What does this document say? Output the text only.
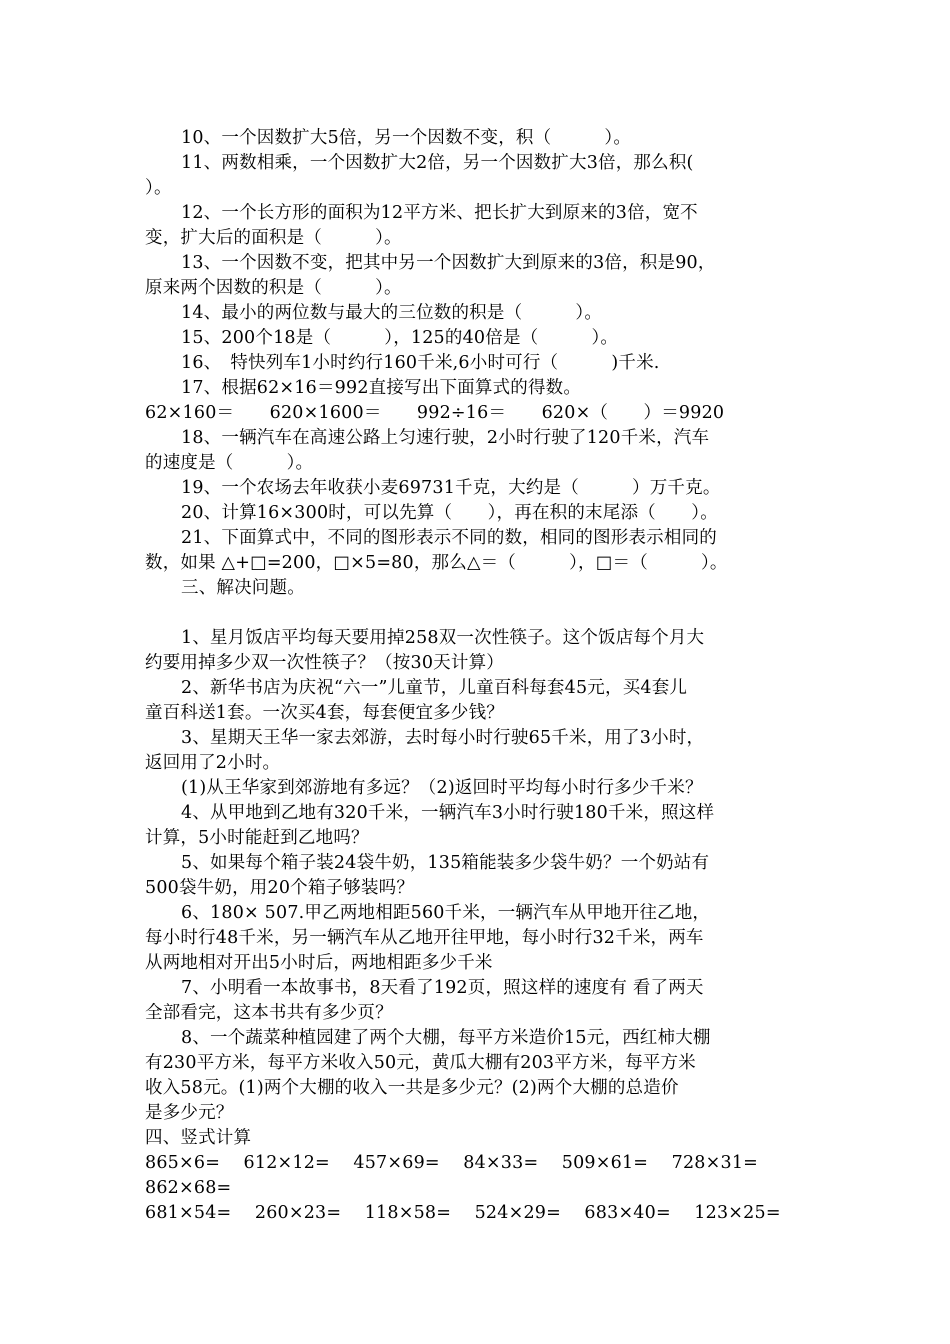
10、一个因数扩大5倍，另一个因数不变，积（　　　）。
11、两数相乘，一个因数扩大2倍，另一个因数扩大3倍，那么积(
）。
12、一个长方形的面积为12平方米、把长扩大到原来的3倍，宽不
变，扩大后的面积是（　　　）。
13、一个因数不变，把其中另一个因数扩大到原来的3倍，积是90，
原来两个因数的积是（　　　）。
14、最小的两位数与最大的三位数的积是（　　　）。
15、200个18是（　　　），125的40倍是（　　　）。
16、　特快列车1小时约行160千米,6小时可行（　　　)千米.
17、根据62×16＝992直接写出下面算式的得数。
62×160＝　　620×1600＝　　992÷16＝　　620×（　　）＝9920
18、一辆汽车在高速公路上匀速行驶，2小时行驶了120千米，汽车
的速度是（　　　）。
19、一个农场去年收获小麦69731千克，大约是（　　　）万千克。
20、计算16×300时，可以先算（　　），再在积的末尾添（　　）。
21、下面算式中，不同的图形表示不同的数，相同的图形表示相同的
数，如果 △+□=200，□×5=80，那么△＝（　　　），□＝（　　　）。
三、解决问题。
1、星月饭店平均每天要用掉258双一次性筷子。这个饭店每个月大
约要用掉多少双一次性筷子？（按30天计算）
2、新华书店为庆祝“六一”儿童节，儿童百科每套45元，买4套儿
童百科送1套。一次买4套，每套便宜多少钱？
3、星期天王华一家去郊游，去时每小时行驶65千米，用了3小时，
返回用了2小时。
(1)从王华家到郊游地有多远？（2)返回时平均每小时行多少千米？
4、从甲地到乙地有320千米，一辆汽车3小时行驶180千米，照这样
计算，5小时能赶到乙地吗？
5、如果每个箱子装24袋牛奶，135箱能装多少袋牛奶？一个奶站有
500袋牛奶，用20个箱子够装吗？
6、180× 507.甲乙两地相距560千米，一辆汽车从甲地开往乙地，
每小时行48千米，另一辆汽车从乙地开往甲地，每小时行32千米，两车
从两地相对开出5小时后，两地相距多少千米
7、小明看一本故事书，8天看了192页，照这样的速度有 看了两天
全部看完，这本书共有多少页？
8、一个蔬菜种植园建了两个大棚，每平方米造价15元，西红柿大棚
有230平方米，每平方米收入50元，黄瓜大棚有203平方米，每平方米
收入58元。(1)两个大棚的收入一共是多少元？(2)两个大棚的总造价
是多少元？
四、竖式计算
865×6=　 612×12=　 457×69=　 84×33=　 509×61=　 728×31=
862×68=
681×54=　 260×23=　 118×58=　 524×29=　 683×40=　 123×25=
